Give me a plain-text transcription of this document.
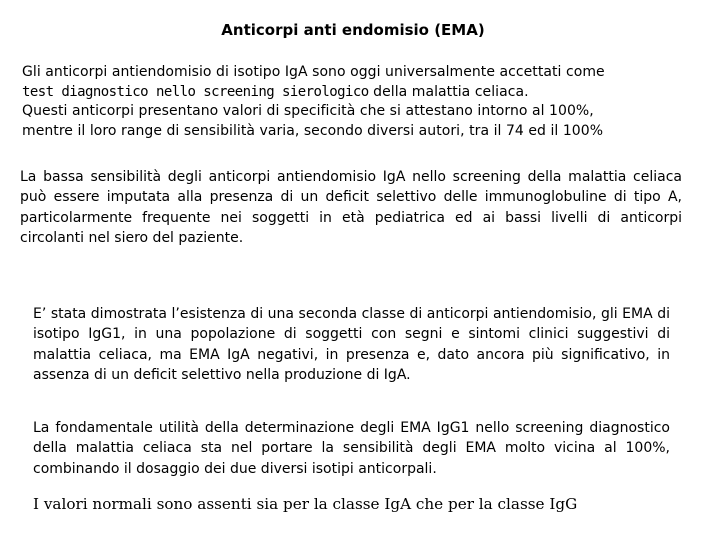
Anticorpi anti endomisio (EMA)
Gli anticorpi antiendomisio di isotipo IgA sono oggi universalmente accettati come
test diagnostico nello screening sierologico della malattia celiaca.
Questi anticorpi presentano valori di specificità che si attestano intorno al 100%,
mentre il loro range di sensibilità varia, secondo diversi autori, tra il 74 ed il 100%

La bassa sensibilità degli anticorpi antiendomisio IgA nello screening della malattia celiaca può essere imputata alla presenza di un deficit selettivo delle immunoglobuline di tipo A, particolarmente frequente nei soggetti in età pediatrica ed ai bassi livelli di anticorpi circolanti nel siero del paziente.

E’ stata dimostrata l’esistenza di una seconda classe di anticorpi antiendomisio, gli EMA di isotipo IgG1, in una popolazione di soggetti con segni e sintomi clinici suggestivi di malattia celiaca, ma EMA IgA negativi, in presenza e, dato ancora più significativo, in assenza di un deficit selettivo nella produzione di IgA.

La fondamentale utilità della determinazione degli EMA IgG1 nello screening diagnostico della malattia celiaca sta nel portare la sensibilità degli EMA molto vicina al 100%, combinando il dosaggio dei due diversi isotipi anticorpali.

I valori normali sono assenti sia per la classe IgA che per la classe IgG
